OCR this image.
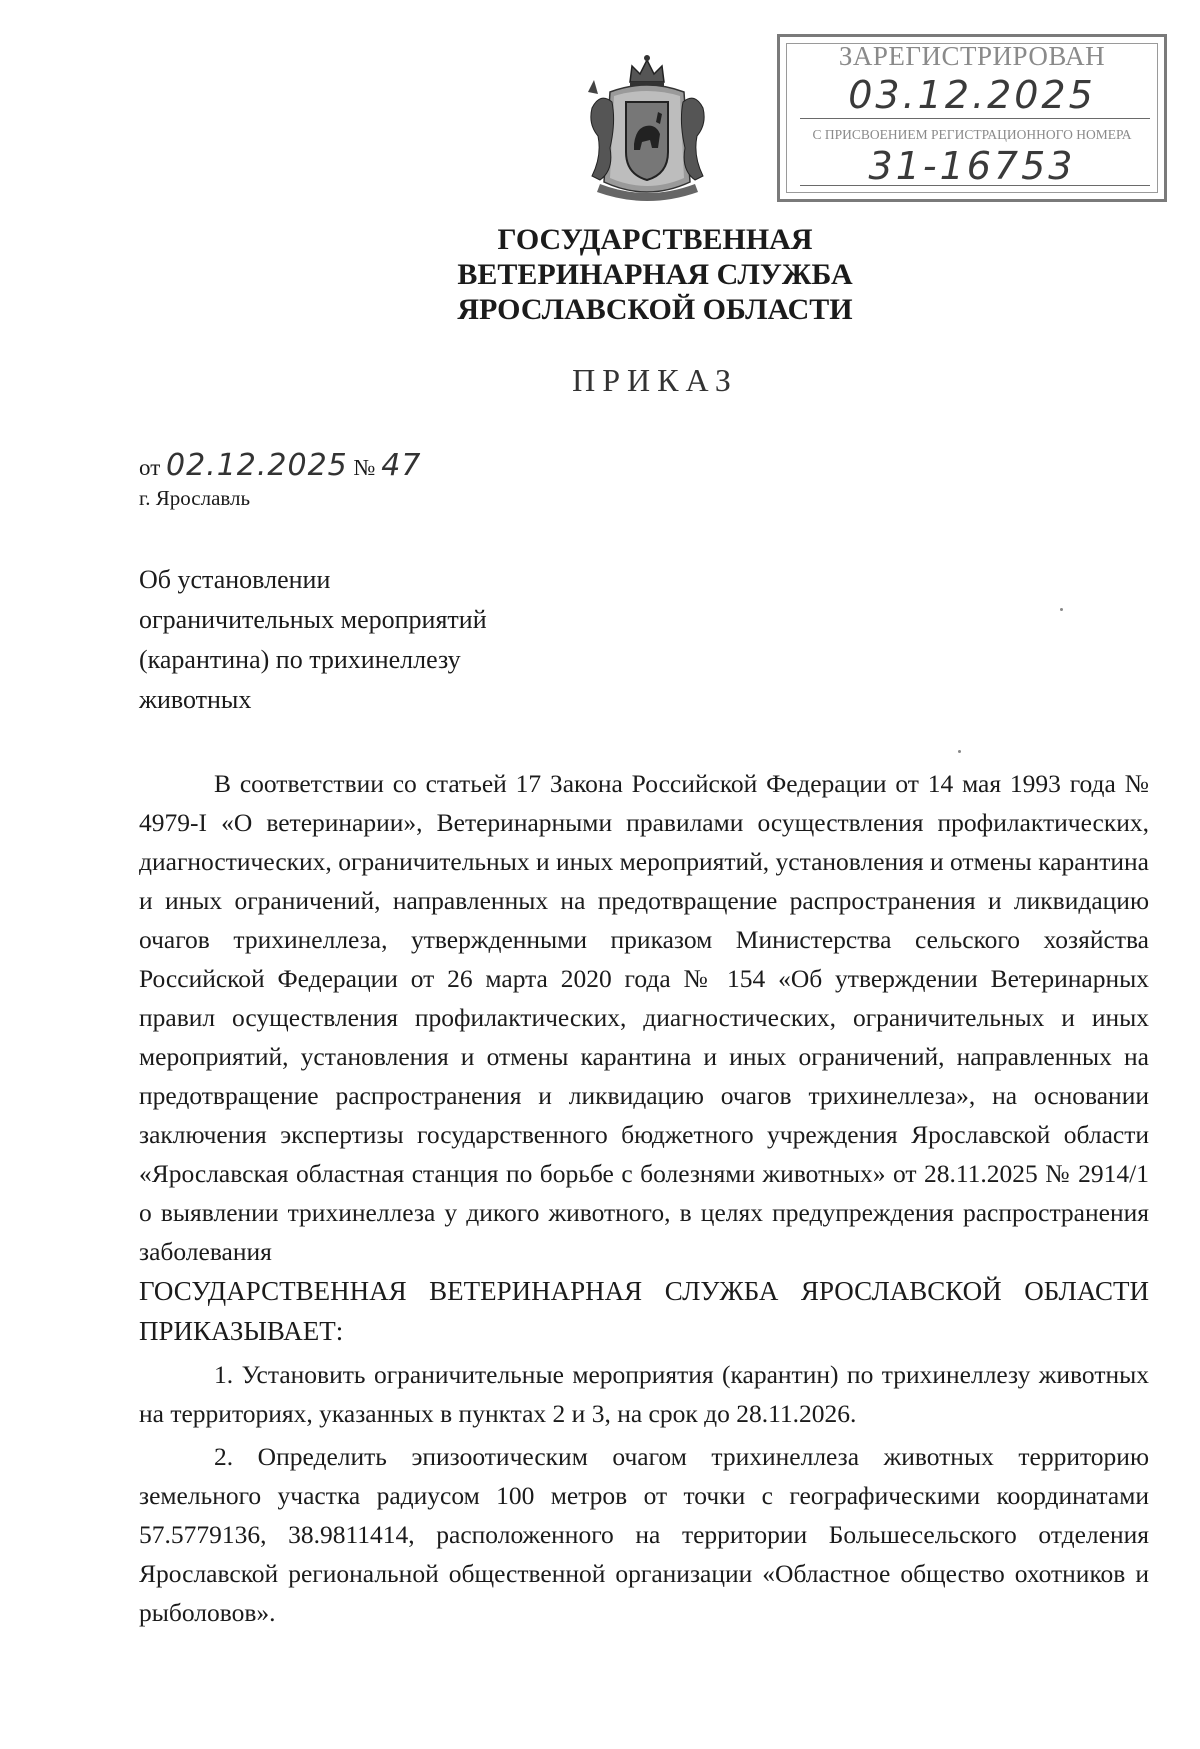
ЗАРЕГИСТРИРОВАН
03.12.2025
С ПРИСВОЕНИЕМ РЕГИСТРАЦИОННОГО НОМЕРА
31-16753
ГОСУДАРСТВЕННАЯ
ВЕТЕРИНАРНАЯ СЛУЖБА
ЯРОСЛАВСКОЙ ОБЛАСТИ
ПРИКАЗ
от 02.12.2025 № 47
г. Ярославль
Об установлении
ограничительных мероприятий
(карантина) по трихинеллезу
животных

В соответствии со статьей 17 Закона Российской Федерации от 14 мая 1993 года № 4979-I «О ветеринарии», Ветеринарными правилами осуществления профилактических, диагностических, ограничительных и иных мероприятий, установления и отмены карантина и иных ограничений, направленных на предотвращение распространения и ликвидацию очагов трихинеллеза, утвержденными приказом Министерства сельского хозяйства Российской Федерации от 26 марта 2020 года № 154 «Об утверждении Ветеринарных правил осуществления профилактических, диагностических, ограничительных и иных мероприятий, установления и отмены карантина и иных ограничений, направленных на предотвращение распространения и ликвидацию очагов трихинеллеза», на основании заключения экспертизы государственного бюджетного учреждения Ярославской области «Ярославская областная станция по борьбе с болезнями животных» от 28.11.2025 № 2914/1 о выявлении трихинеллеза у дикого животного, в целях предупреждения распространения заболевания

ГОСУДАРСТВЕННАЯ ВЕТЕРИНАРНАЯ СЛУЖБА ЯРОСЛАВСКОЙ ОБЛАСТИ ПРИКАЗЫВАЕТ:

1. Установить ограничительные мероприятия (карантин) по трихинеллезу животных на территориях, указанных в пунктах 2 и 3, на срок до 28.11.2026.

2. Определить эпизоотическим очагом трихинеллеза животных территорию земельного участка радиусом 100 метров от точки с географическими координатами 57.5779136, 38.9811414, расположенного на территории Большесельского отделения Ярославской региональной общественной организации «Областное общество охотников и рыболовов».
